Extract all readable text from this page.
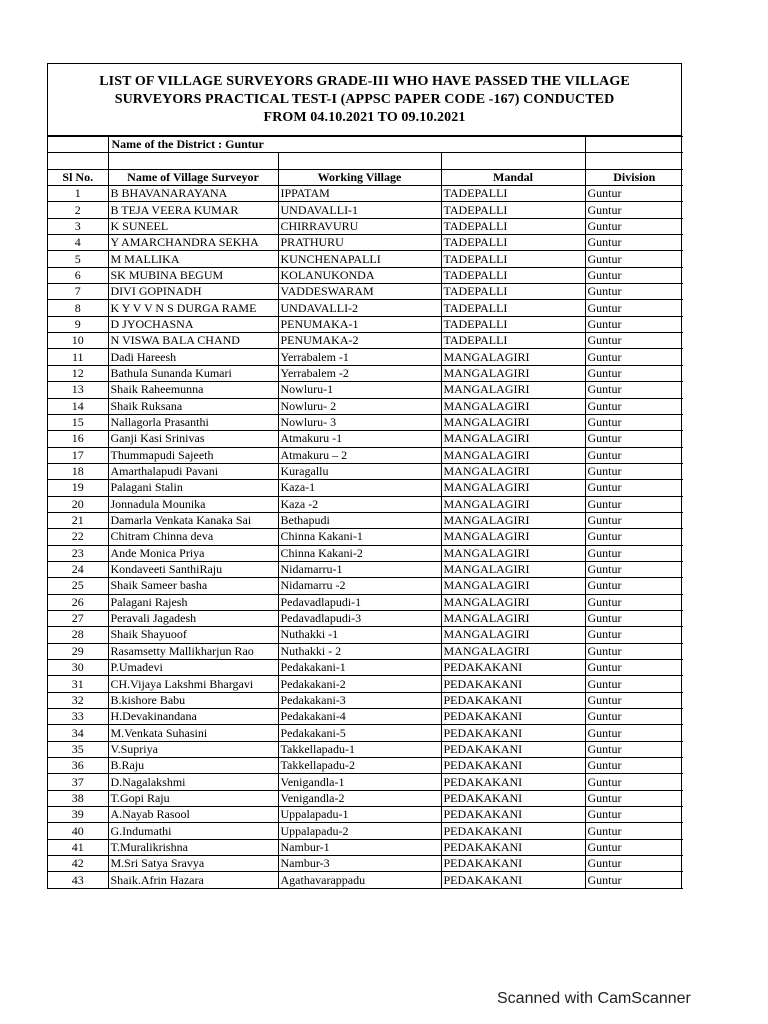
LIST OF VILLAGE SURVEYORS GRADE-III WHO HAVE PASSED THE VILLAGE
SURVEYORS PRACTICAL TEST-I (APPSC PAPER CODE -167) CONDUCTED
FROM 04.10.2021 TO 09.10.2021
	Name of the District : Guntur			

Sl No.	Name of Village Surveyor	Working Village	Mandal	Division
1	B BHAVANARAYANA	IPPATAM	TADEPALLI	Guntur
2	B TEJA VEERA KUMAR	UNDAVALLI-1	TADEPALLI	Guntur
3	K SUNEEL	CHIRRAVURU	TADEPALLI	Guntur
4	Y AMARCHANDRA SEKHA	PRATHURU	TADEPALLI	Guntur
5	M MALLIKA	KUNCHENAPALLI	TADEPALLI	Guntur
6	SK MUBINA BEGUM	KOLANUKONDA	TADEPALLI	Guntur
7	DIVI GOPINADH	VADDESWARAM	TADEPALLI	Guntur
8	K Y V V N S DURGA RAME	UNDAVALLI-2	TADEPALLI	Guntur
9	D JYOCHASNA	PENUMAKA-1	TADEPALLI	Guntur
10	N VISWA BALA CHAND	PENUMAKA-2	TADEPALLI	Guntur
11	Dadi Hareesh	Yerrabalem -1	MANGALAGIRI	Guntur
12	Bathula Sunanda Kumari	Yerrabalem -2	MANGALAGIRI	Guntur
13	Shaik Raheemunna	Nowluru-1	MANGALAGIRI	Guntur
14	Shaik Ruksana	Nowluru- 2	MANGALAGIRI	Guntur
15	Nallagorla Prasanthi	Nowluru- 3	MANGALAGIRI	Guntur
16	Ganji Kasi Srinivas	Atmakuru -1	MANGALAGIRI	Guntur
17	Thummapudi Sajeeth	Atmakuru – 2	MANGALAGIRI	Guntur
18	Amarthalapudi Pavani	Kuragallu	MANGALAGIRI	Guntur
19	Palagani Stalin	Kaza-1	MANGALAGIRI	Guntur
20	Jonnadula Mounika	Kaza -2	MANGALAGIRI	Guntur
21	Damarla Venkata Kanaka Sai	Bethapudi	MANGALAGIRI	Guntur
22	Chitram Chinna deva	Chinna Kakani-1	MANGALAGIRI	Guntur
23	Ande Monica Priya	Chinna Kakani-2	MANGALAGIRI	Guntur
24	Kondaveeti SanthiRaju	Nidamarru-1	MANGALAGIRI	Guntur
25	Shaik Sameer basha	Nidamarru -2	MANGALAGIRI	Guntur
26	Palagani Rajesh	Pedavadlapudi-1	MANGALAGIRI	Guntur
27	Peravali Jagadesh	Pedavadlapudi-3	MANGALAGIRI	Guntur
28	Shaik Shayuoof	Nuthakki -1	MANGALAGIRI	Guntur
29	Rasamsetty Mallikharjun Rao	Nuthakki - 2	MANGALAGIRI	Guntur
30	P.Umadevi	Pedakakani-1	PEDAKAKANI	Guntur
31	CH.Vijaya Lakshmi Bhargavi	Pedakakani-2	PEDAKAKANI	Guntur
32	B.kishore Babu	Pedakakani-3	PEDAKAKANI	Guntur
33	H.Devakinandana	Pedakakani-4	PEDAKAKANI	Guntur
34	M.Venkata Suhasini	Pedakakani-5	PEDAKAKANI	Guntur
35	V.Supriya	Takkellapadu-1	PEDAKAKANI	Guntur
36	B.Raju	Takkellapadu-2	PEDAKAKANI	Guntur
37	D.Nagalakshmi	Venigandla-1	PEDAKAKANI	Guntur
38	T.Gopi Raju	Venigandla-2	PEDAKAKANI	Guntur
39	A.Nayab Rasool	Uppalapadu-1	PEDAKAKANI	Guntur
40	G.Indumathi	Uppalapadu-2	PEDAKAKANI	Guntur
41	T.Muralikrishna	Nambur-1	PEDAKAKANI	Guntur
42	M.Sri Satya Sravya	Nambur-3	PEDAKAKANI	Guntur
43	Shaik.Afrin Hazara	Agathavarappadu	PEDAKAKANI	Guntur
Scanned with CamScanner
